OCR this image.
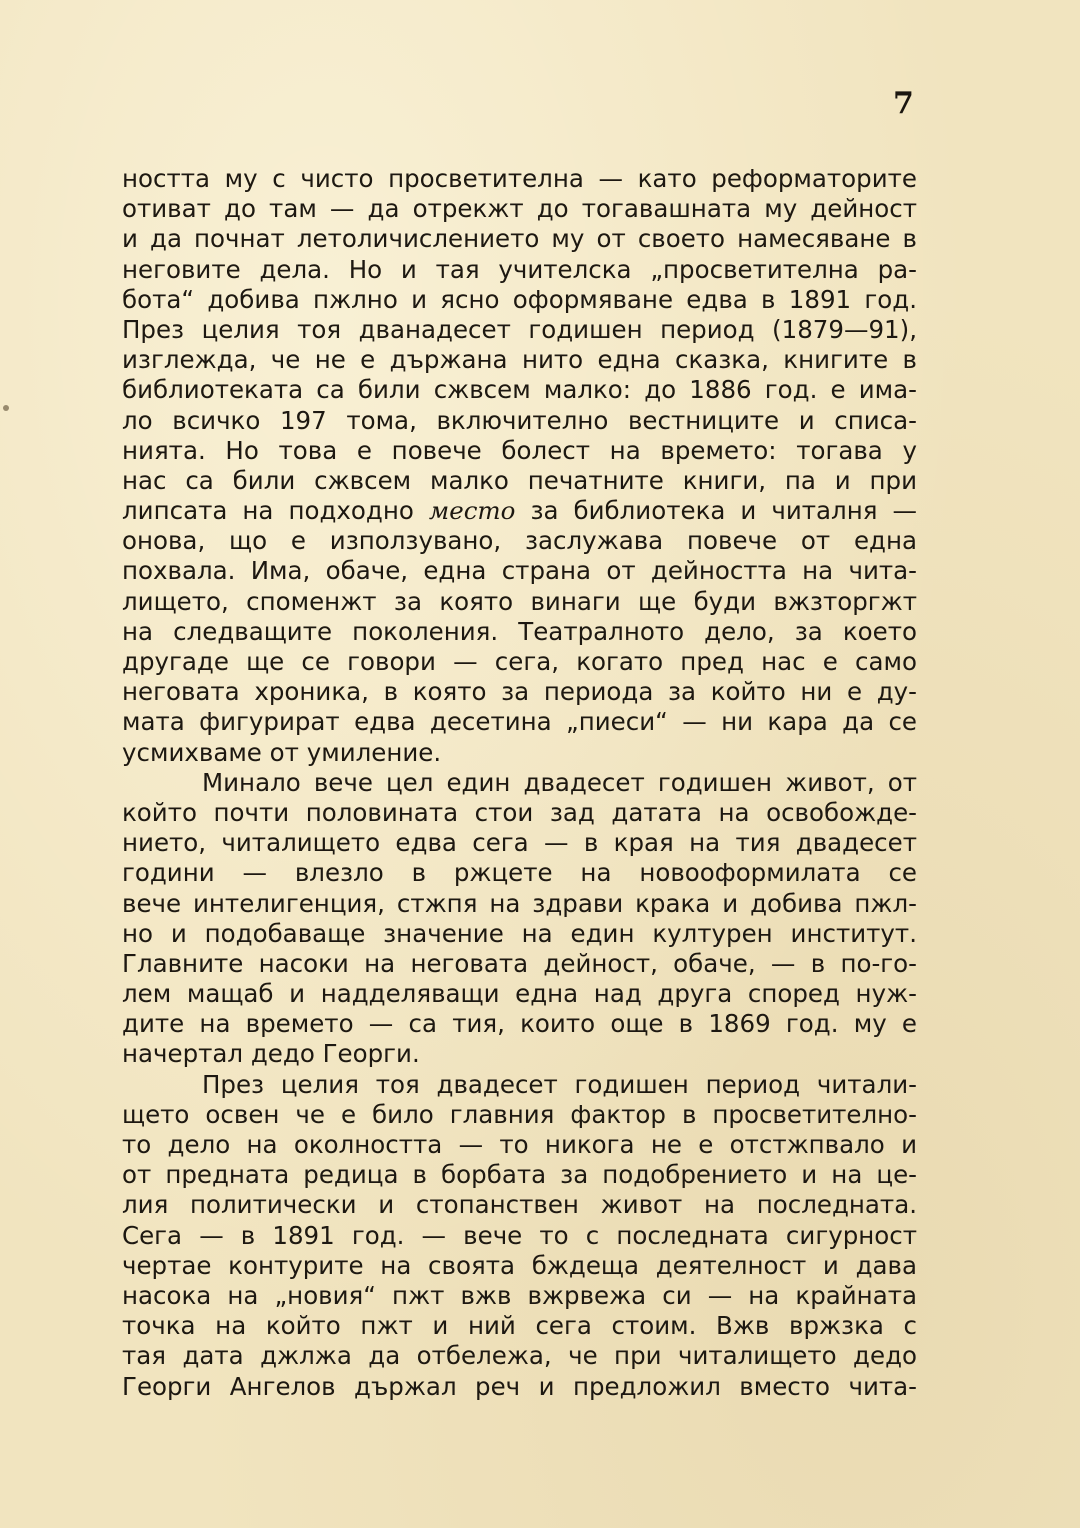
7
ността му с чисто просветителна — като реформаторите
отиват до там — да отрекжт до тогавашната му дейност
и да почнат летоличислението му от своето намесяване в
неговите дела. Но и тая учителска „просветителна ра-
бота“ добива пжлно и ясно оформяване едва в 1891 год.
През целия тоя дванадесет годишен период (1879—91),
изглежда, че не е държана нито една сказка, книгите в
библиотеката са били сжвсем малко: до 1886 год. е има-
ло всичко 197 тома, включително вестниците и списа-
нията. Но това е повече болест на времето: тогава у
нас са били сжвсем малко печатните книги, па и при
липсата на подходно место за библиотека и читалня —
онова, що е използувано, заслужава повече от една
похвала. Има, обаче, една страна от дейността на чита-
лището, споменжт за която винаги ще буди вжзторгжт
на следващите поколения. Театралното дело, за което
другаде ще се говори — сега, когато пред нас е само
неговата хроника, в която за периода за който ни е ду-
мата фигурират едва десетина „пиеси“ — ни кара да се
усмихваме от умиление.
Минало вече цел един двадесет годишен живот, от
който почти половината стои зад датата на освобожде-
нието, читалището едва сега — в края на тия двадесет
години — влезло в ржцете на новооформилата се
вече интелигенция, стжпя на здрави крака и добива пжл-
но и подобаваще значение на един културен институт.
Главните насоки на неговата дейност, обаче, — в по-го-
лем мащаб и надделяващи една над друга според нуж-
дите на времето — са тия, които още в 1869 год. му е
начертал дедо Георги.
През целия тоя двадесет годишен период читали-
щето освен че е било главния фактор в просветително-
то дело на околността — то никога не е отстжпвало и
от предната редица в борбата за подобрението и на це-
лия политически и стопанствен живот на последната.
Сега — в 1891 год. — вече то с последната сигурност
чертае контурите на своята бждеща деятелност и дава
насока на „новия“ пжт вжв вжрвежа си — на крайната
точка на който пжт и ний сега стоим. Вжв вржзка с
тая дата джлжа да отбележа, че при читалището дедо
Георги Ангелов държал реч и предложил вместо чита-
